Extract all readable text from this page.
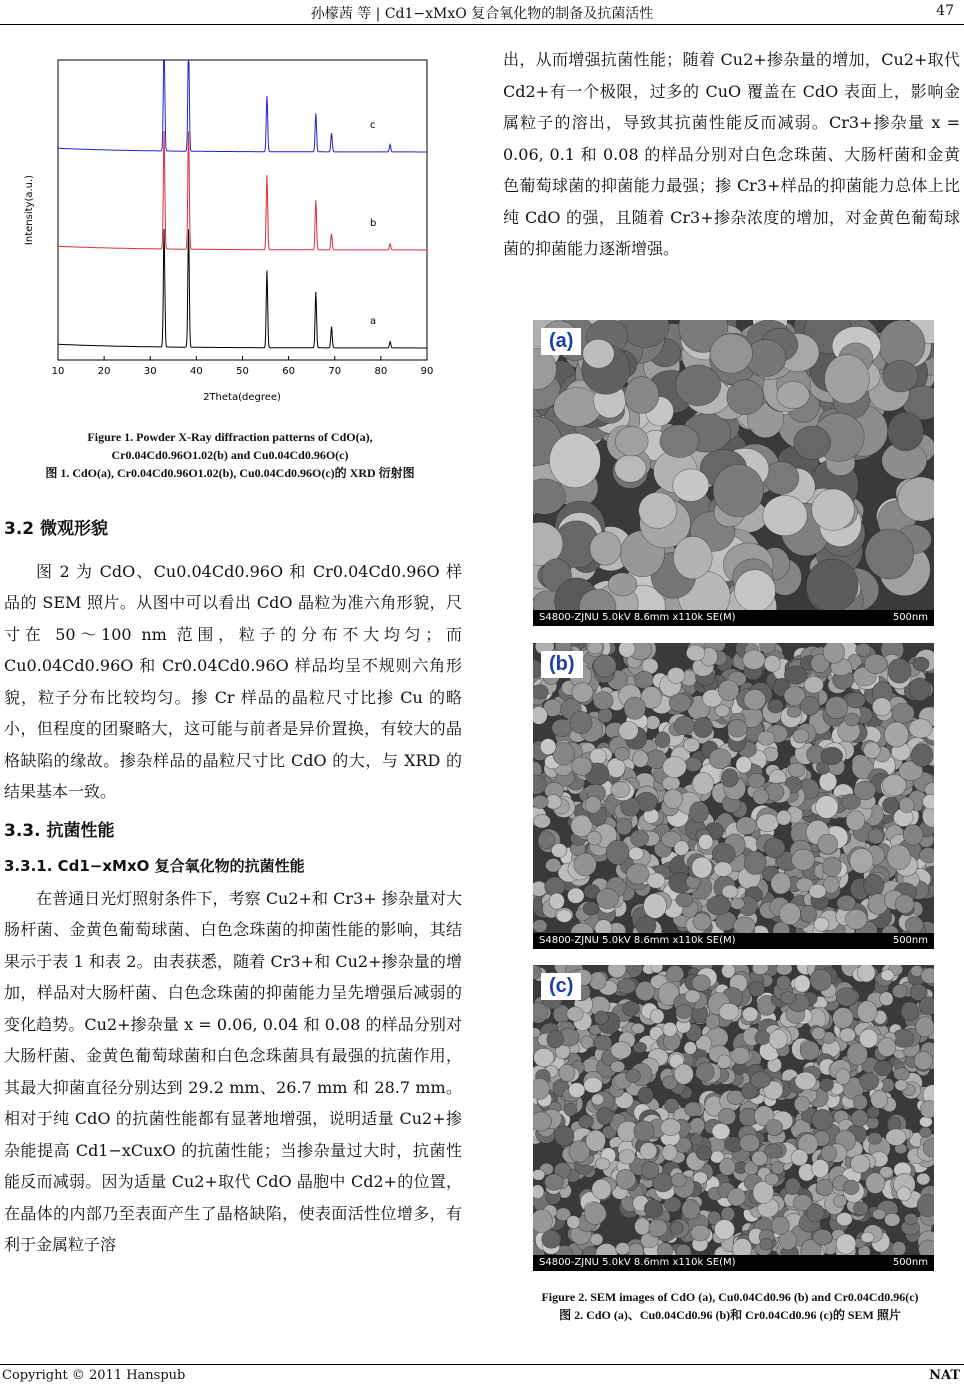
孙檬茜 等 | Cd1−xMxO 复合氧化物的制备及抗菌活性	47
a
b
c
10	20	30	40	50	60	70	80	90
2Theta(degree)
Intensity(a.u.)
Figure 1. Powder X-Ray diffraction patterns of CdO(a),
Cr0.04Cd0.96O1.02(b) and Cu0.04Cd0.96O(c)
图 1. CdO(a), Cr0.04Cd0.96O1.02(b), Cu0.04Cd0.96O(c)的 XRD 衍射图
3.2 微观形貌

图 2 为 CdO、Cu0.04Cd0.96O 和 Cr0.04Cd0.96O 样品的 SEM 照片。从图中可以看出 CdO 晶粒为准六角形貌，尺寸在 50～100 nm 范围，粒子的分布不大均匀；而 Cu0.04Cd0.96O 和 Cr0.04Cd0.96O 样品均呈不规则六角形貌，粒子分布比较均匀。掺 Cr 样品的晶粒尺寸比掺 Cu 的略小，但程度的团聚略大，这可能与前者是异价置换，有较大的晶格缺陷的缘故。掺杂样品的晶粒尺寸比 CdO 的大，与 XRD 的结果基本一致。

3.3. 抗菌性能
3.3.1. Cd1−xMxO 复合氧化物的抗菌性能

在普通日光灯照射条件下，考察 Cu2+和 Cr3+ 掺杂量对大肠杆菌、金黄色葡萄球菌、白色念珠菌的抑菌性能的影响，其结果示于表 1 和表 2。由表获悉，随着 Cr3+和 Cu2+掺杂量的增加，样品对大肠杆菌、白色念珠菌的抑菌能力呈先增强后减弱的变化趋势。Cu2+掺杂量 x = 0.06, 0.04 和 0.08 的样品分别对大肠杆菌、金黄色葡萄球菌和白色念珠菌具有最强的抗菌作用，其最大抑菌直径分别达到 29.2 mm、26.7 mm 和 28.7 mm。相对于纯 CdO 的抗菌性能都有显著地增强，说明适量 Cu2+掺杂能提高 Cd1−xCuxO 的抗菌性能；当掺杂量过大时，抗菌性能反而减弱。因为适量 Cu2+取代 CdO 晶胞中 Cd2+的位置，在晶体的内部乃至表面产生了晶格缺陷，使表面活性位增多，有利于金属粒子溶

出，从而增强抗菌性能；随着 Cu2+掺杂量的增加，Cu2+取代 Cd2+有一个极限，过多的 CuO 覆盖在 CdO 表面上，影响金属粒子的溶出，导致其抗菌性能反而减弱。Cr3+掺杂量 x = 0.06, 0.1 和 0.08 的样品分别对白色念珠菌、大肠杆菌和金黄色葡萄球菌的抑菌能力最强；掺 Cr3+样品的抑菌能力总体上比纯 CdO 的强，且随着 Cr3+掺杂浓度的增加，对金黄色葡萄球菌的抑菌能力逐渐增强。

(a)
S4800-ZJNU 5.0kV 8.6mm x110k SE(M)	500nm
(b)
S4800-ZJNU 5.0kV 8.6mm x110k SE(M)	500nm
(c)
S4800-ZJNU 5.0kV 8.6mm x110k SE(M)	500nm
Figure 2. SEM images of CdO (a), Cu0.04Cd0.96 (b) and Cr0.04Cd0.96(c)
图 2. CdO (a)、Cu0.04Cd0.96 (b)和 Cr0.04Cd0.96 (c)的 SEM 照片
Copyright © 2011 Hanspub	NAT
